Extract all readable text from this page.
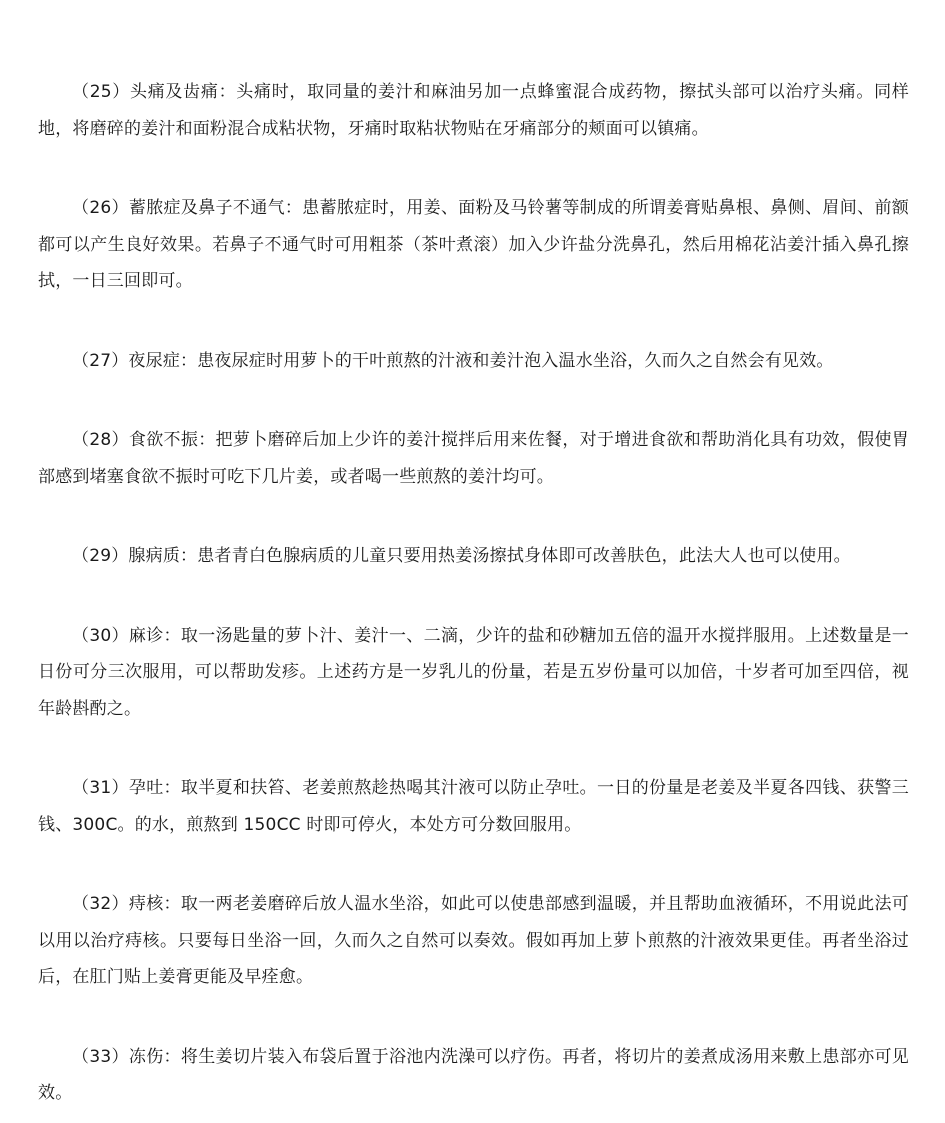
（25）头痛及齿痛：头痛时，取同量的姜汁和麻油另加一点蜂蜜混合成药物，擦拭头部可以治疗头痛。同样地，将磨碎的姜汁和面粉混合成粘状物，牙痛时取粘状物贴在牙痛部分的颊面可以镇痛。

（26）蓄脓症及鼻子不通气：患蓄脓症时，用姜、面粉及马铃薯等制成的所谓姜膏贴鼻根、鼻侧、眉间、前额都可以产生良好效果。若鼻子不通气时可用粗茶（茶叶煮滚）加入少许盐分洗鼻孔，然后用棉花沾姜汁插入鼻孔擦拭，一日三回即可。

（27）夜尿症：患夜尿症时用萝卜的干叶煎熬的汁液和姜汁泡入温水坐浴，久而久之自然会有见效。

（28）食欲不振：把萝卜磨碎后加上少许的姜汁搅拌后用来佐餐，对于增进食欲和帮助消化具有功效，假使胃部感到堵塞食欲不振时可吃下几片姜，或者喝一些煎熬的姜汁均可。

（29）腺病质：患者青白色腺病质的儿童只要用热姜汤擦拭身体即可改善肤色，此法大人也可以使用。

（30）麻诊：取一汤匙量的萝卜汁、姜汁一、二滴，少许的盐和砂糖加五倍的温开水搅拌服用。上述数量是一日份可分三次服用，可以帮助发疹。上述药方是一岁乳儿的份量，若是五岁份量可以加倍，十岁者可加至四倍，视年龄斟酌之。

（31）孕吐：取半夏和扶笞、老姜煎熬趁热喝其汁液可以防止孕吐。一日的份量是老姜及半夏各四钱、获警三钱、300C。的水，煎熬到 150CC 时即可停火，本处方可分数回服用。

（32）痔核：取一两老姜磨碎后放人温水坐浴，如此可以使患部感到温暖，并且帮助血液循环，不用说此法可以用以治疗痔核。只要每日坐浴一回，久而久之自然可以奏效。假如再加上萝卜煎熬的汁液效果更佳。再者坐浴过后，在肛门贴上姜膏更能及早痊愈。

（33）冻伤：将生姜切片装入布袋后置于浴池内洗澡可以疗伤。再者，将切片的姜煮成汤用来敷上患部亦可见效。
